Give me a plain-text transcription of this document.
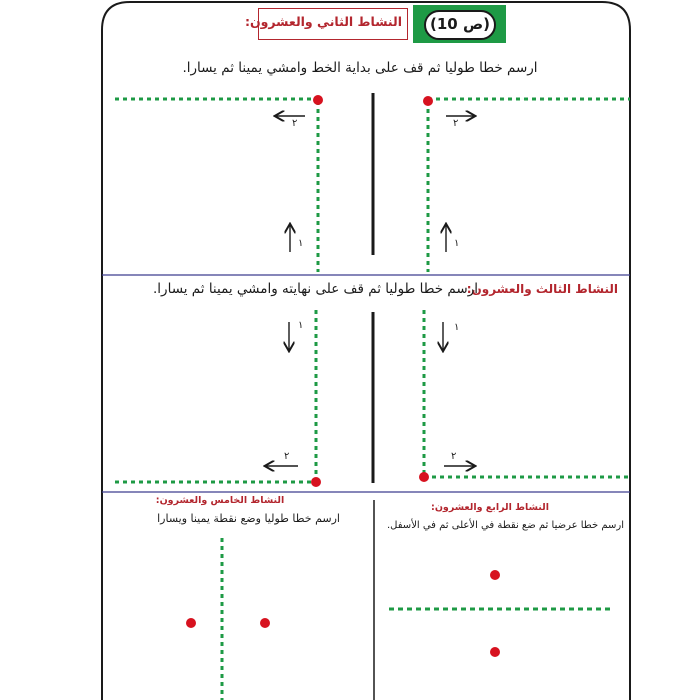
(ص 10)
النشاط الثاني والعشرون:
ارسم خطا طوليا ثم قف على بداية الخط وامشي يمينا ثم يسارا.
٢	٢
١	١
النشاط الثالث والعشرون:
ارسم خطا طوليا ثم قف على نهايته وامشي يمينا ثم يسارا.
١	١
٢	٢
النشاط الخامس والعشرون:
ارسم خطا طوليا وضع نقطة يمينا ويسارا
النشاط الرابع والعشرون:
ارسم خطا عرضيا ثم ضع نقطة في الأعلى ثم في الأسفل.
